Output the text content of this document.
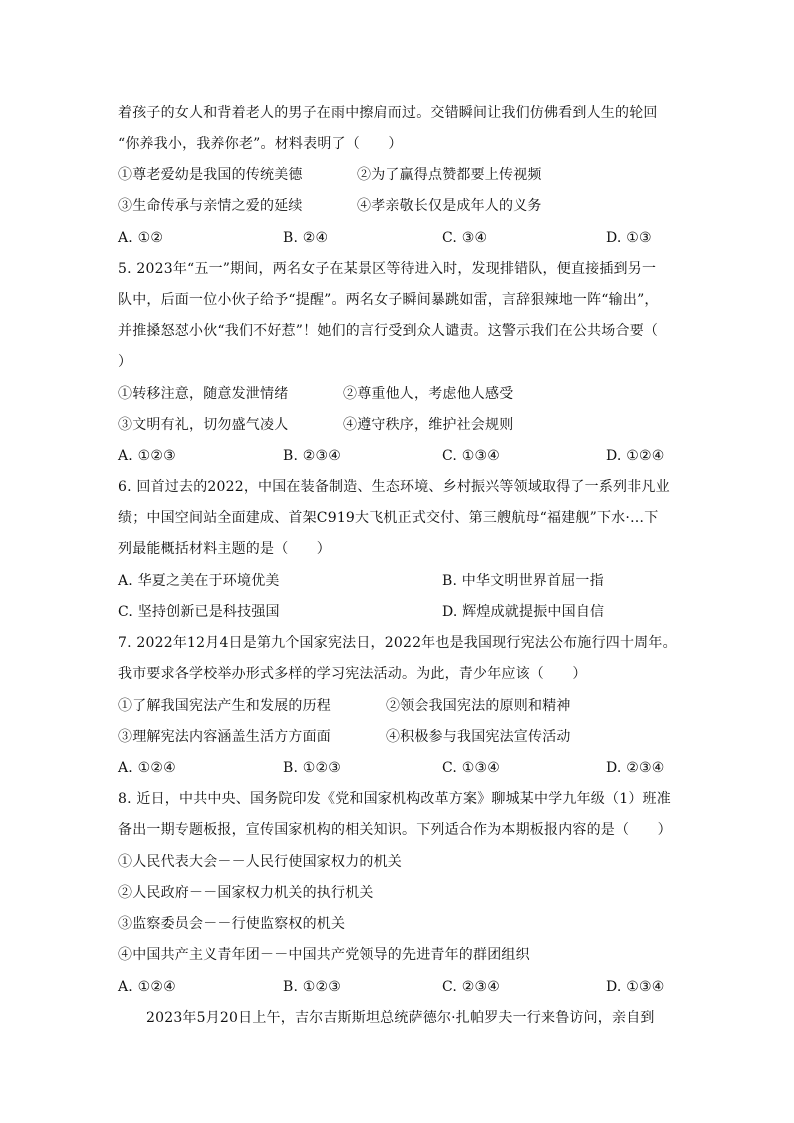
着孩子的女人和背着老人的男子在雨中擦肩而过。交错瞬间让我们仿佛看到人生的轮回
“你养我小，我养你老”。材料表明了（　　）
①尊老爱幼是我国的传统美德	②为了赢得点赞都要上传视频
③生命传承与亲情之爱的延续	④孝亲敬长仅是成年人的义务
A. ①②	B. ②④	C. ③④	D. ①③
5. 2023年“五一”期间，两名女子在某景区等待进入时，发现排错队，便直接插到另一
队中，后面一位小伙子给予“提醒”。两名女子瞬间暴跳如雷，言辞狠辣地一阵“输出”，
并推搡怒怼小伙“我们不好惹”！她们的言行受到众人谴责。这警示我们在公共场合要（
）
①转移注意，随意发泄情绪	②尊重他人，考虑他人感受
③文明有礼，切勿盛气凌人	④遵守秩序，维护社会规则
A. ①②③	B. ②③④	C. ①③④	D. ①②④
6. 回首过去的2022，中国在装备制造、生态环境、乡村振兴等领域取得了一系列非凡业
绩；中国空间站全面建成、首架C919大飞机正式交付、第三艘航母“福建舰”下水·…下
列最能概括材料主题的是（　　）
A. 华夏之美在于环境优美	B. 中华文明世界首屈一指
C. 坚持创新已是科技强国	D. 辉煌成就提振中国自信
7. 2022年12月4日是第九个国家宪法日，2022年也是我国现行宪法公布施行四十周年。
我市要求各学校举办形式多样的学习宪法活动。为此，青少年应该（　　）
①了解我国宪法产生和发展的历程	②领会我国宪法的原则和精神
③理解宪法内容涵盖生活方方面面	④积极参与我国宪法宣传活动
A. ①②④	B. ①②③	C. ①③④	D. ②③④
8. 近日，中共中央、国务院印发《党和国家机构改革方案》聊城某中学九年级（1）班准
备出一期专题板报，宣传国家机构的相关知识。下列适合作为本期板报内容的是（　　）
①人民代表大会－－人民行使国家权力的机关
②人民政府－－国家权力机关的执行机关
③监察委员会－－行使监察权的机关
④中国共产主义青年团－－中国共产党领导的先进青年的群团组织
A. ①②④	B. ①②③	C. ②③④	D. ①③④
2023年5月20日上午，吉尔吉斯斯坦总统萨德尔·扎帕罗夫一行来鲁访问，亲自到
